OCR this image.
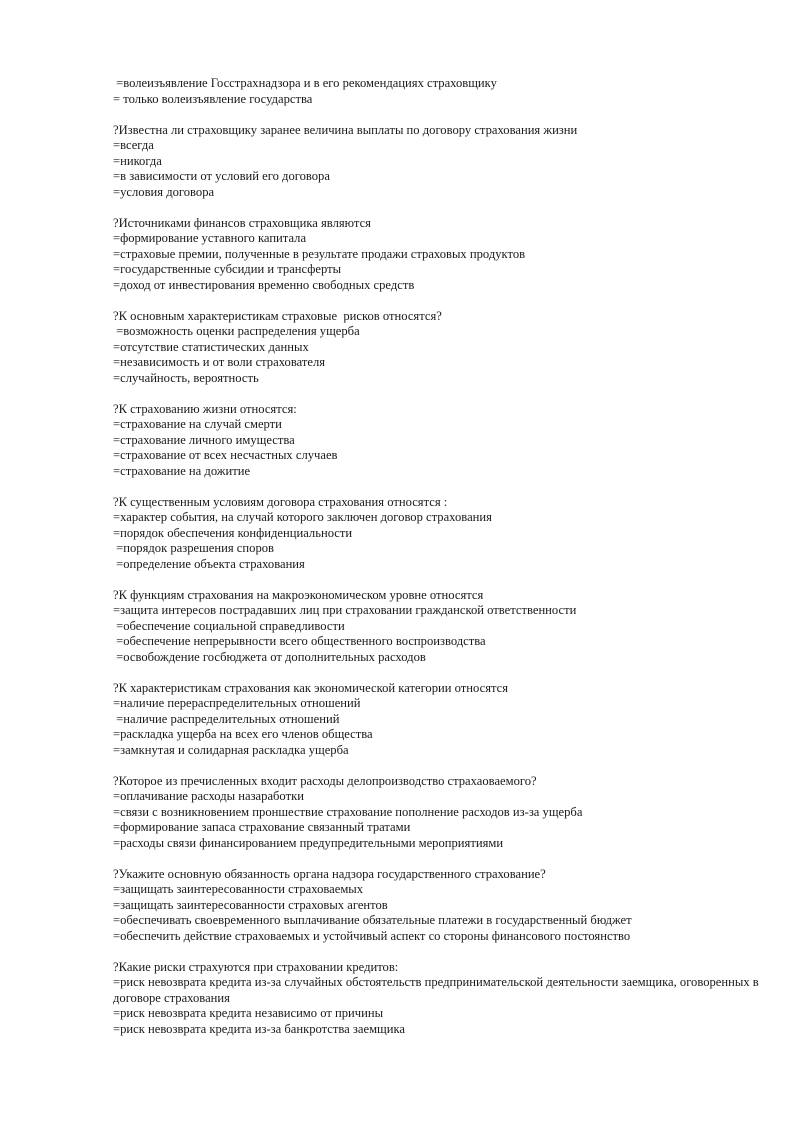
=волеизъявление Госстрахнадзора и в его рекомендациях страховщику

= только волеизъявление государства

?Известна ли страховщику заранее величина выплаты по договору страхования жизни

=всегда

=никогда

=в зависимости от условий его договора

=условия договора

?Источниками финансов страховщика являются

=формирование уставного капитала

=страховые премии, полученные в результате продажи страховых продуктов

=государственные субсидии и трансферты

=доход от инвестирования временно свободных средств

?К основным характеристикам страховые  рисков относятся?

=возможность оценки распределения ущерба

=отсутствие статистических данных

=независимость и от воли страхователя

=случайность, вероятность

?К страхованию жизни относятся:

=страхование на случай смерти

=страхование личного имущества

=страхование от всех несчастных случаев

=страхование на дожитие

?К существенным условиям договора страхования относятся :

=характер события, на случай которого заключен договор страхования

=порядок обеспечения конфиденциальности

=порядок разрешения споров

=определение объекта страхования

?К функциям страхования на макроэкономическом уровне относятся

=защита интересов пострадавших лиц при страховании гражданской ответственности

=обеспечение социальной справедливости

=обеспечение непрерывности всего общественного воспроизводства

=освобождение госбюджета от дополнительных расходов

?К характеристикам страхования как экономической категории относятся

=наличие перераспределительных отношений

=наличие распределительных отношений

=раскладка ущерба на всех его членов общества

=замкнутая и солидарная раскладка ущерба

?Которое из пречисленных входит расходы делопроизводство страхаоваемого?

=оплачивание расходы назаработки

=связи с возникновением проншествие страхование пополнение расходов из-за ущерба

=формирование запаса страхование связанный тратами

=расходы связи финансированием предупредительными мероприятиями

?Укажите основную обязанность органа надзора государственного страхование?

=защищать заинтересованности страховаемых

=защищать заинтересованности страховых агентов

=обеспечивать своевременного выплачивание обязательные платежи в государственный бюджет

=обеспечить действие страховаемых и устойчивый аспект со стороны финансового постоянство

?Какие риски страхуются при страховании кредитов:

=риск невозврата кредита из-за случайных обстоятельств предпринимательской деятельности заемщика, оговоренных в договоре страхования

=риск невозврата кредита независимо от причины

=риск невозврата кредита из-за банкротства заемщика
